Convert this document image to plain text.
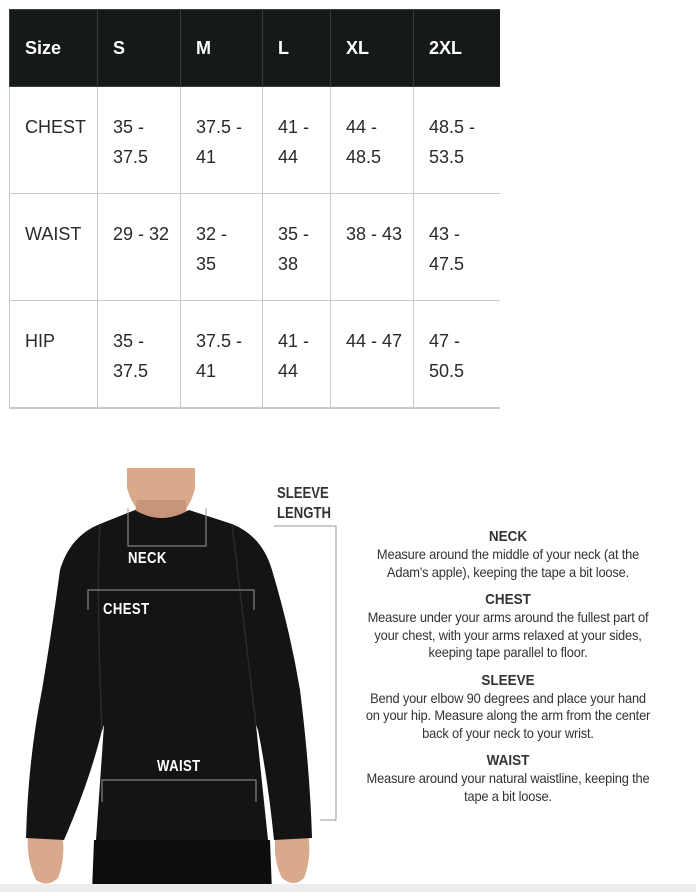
Size	S	M	L	XL	2XL
CHEST	35 - 37.5	37.5 - 41	41 - 44	44 - 48.5	48.5 - 53.5
WAIST	29 - 32	32 - 35	35 - 38	38 - 43	43 - 47.5
HIP	35 - 37.5	37.5 - 41	41 - 44	44 - 47	47 - 50.5
NECK
CHEST
WAIST
SLEEVE
LENGTH
NECK
Measure around the middle of your neck (at the Adam's apple), keeping the tape a bit loose.
CHEST
Measure under your arms around the fullest part of your chest, with your arms relaxed at your sides, keeping tape parallel to floor.
SLEEVE
Bend your elbow 90 degrees and place your hand on your hip. Measure along the arm from the center back of your neck to your wrist.
WAIST
Measure around your natural waistline, keeping the tape a bit loose.
